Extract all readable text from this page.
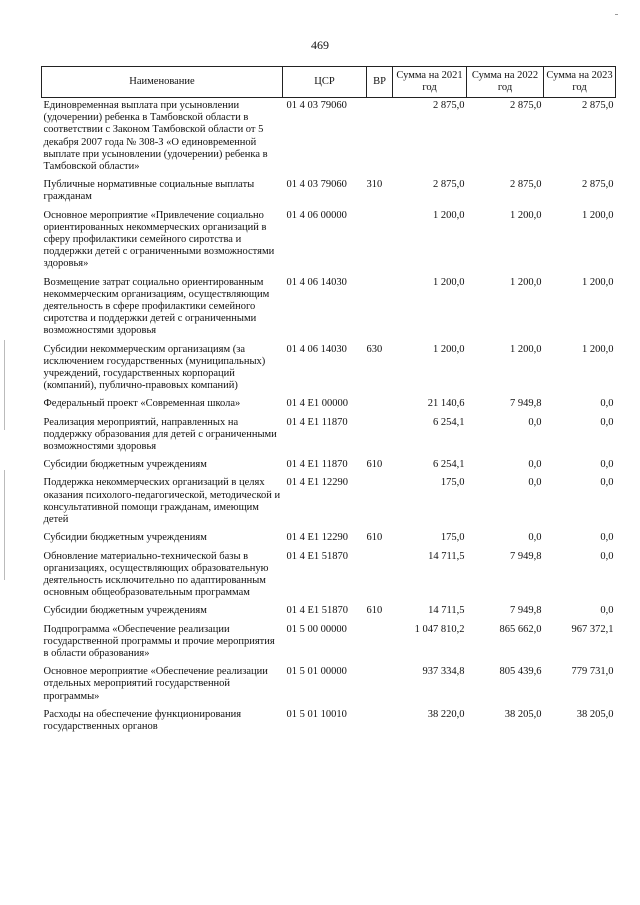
469
Наименование	ЦСР	ВР	Сумма на 2021 год	Сумма на 2022 год	Сумма на 2023 год
Единовременная выплата при усыновлении (удочерении) ребенка в Тамбовской области в соответствии с Законом Тамбовской области от 5 декабря 2007 года № 308-З «О единовременной выплате при усыновлении (удочерении) ребенка в Тамбовской области»	01 4 03 79060		2 875,0	2 875,0	2 875,0
Публичные нормативные социальные выплаты гражданам	01 4 03 79060	310	2 875,0	2 875,0	2 875,0
Основное мероприятие «Привлечение социально ориентированных некоммерческих организаций в сферу профилактики семейного сиротства и поддержки детей с ограниченными возможностями здоровья»	01 4 06 00000		1 200,0	1 200,0	1 200,0
Возмещение затрат социально ориентированным некоммерческим организациям, осуществляющим деятельность в сфере профилактики семейного сиротства и поддержки детей с ограниченными возможностями здоровья	01 4 06 14030		1 200,0	1 200,0	1 200,0
Субсидии некоммерческим организациям (за исключением государственных (муниципальных) учреждений, государственных корпораций (компаний), публично-правовых компаний)	01 4 06 14030	630	1 200,0	1 200,0	1 200,0
Федеральный проект «Современная школа»	01 4 E1 00000		21 140,6	7 949,8	0,0
Реализация мероприятий, направленных на поддержку образования для детей с ограниченными возможностями здоровья	01 4 E1 11870		6 254,1	0,0	0,0
Субсидии бюджетным учреждениям	01 4 E1 11870	610	6 254,1	0,0	0,0
Поддержка некоммерческих организаций в целях оказания психолого-педагогической, методической и консультативной помощи гражданам, имеющим детей	01 4 E1 12290		175,0	0,0	0,0
Субсидии бюджетным учреждениям	01 4 E1 12290	610	175,0	0,0	0,0
Обновление материально-технической базы в организациях, осуществляющих образовательную деятельность исключительно по адаптированным основным общеобразовательным программам	01 4 E1 51870		14 711,5	7 949,8	0,0
Субсидии бюджетным учреждениям	01 4 E1 51870	610	14 711,5	7 949,8	0,0
Подпрограмма «Обеспечение реализации государственной программы и прочие мероприятия в области образования»	01 5 00 00000		1 047 810,2	865 662,0	967 372,1
Основное мероприятие «Обеспечение реализации отдельных мероприятий государственной программы»	01 5 01 00000		937 334,8	805 439,6	779 731,0
Расходы на обеспечение функционирования государственных органов	01 5 01 10010		38 220,0	38 205,0	38 205,0
